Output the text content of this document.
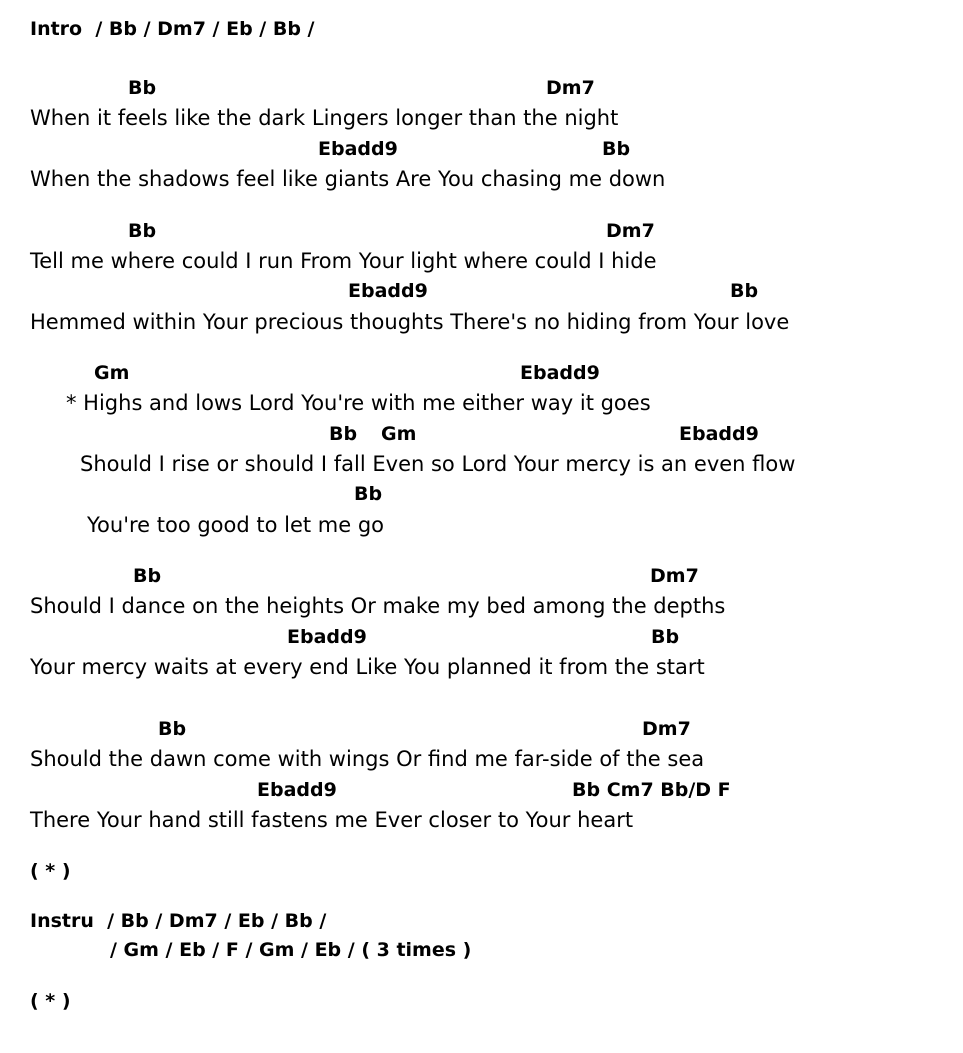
Intro  / Bb / Dm7 / Eb / Bb /
Bb	Dm7
When it feels like the dark Lingers longer than the night
Ebadd9	Bb
When the shadows feel like giants Are You chasing me down
Bb	Dm7
Tell me where could I run From Your light where could I hide
Ebadd9	Bb
Hemmed within Your precious thoughts There's no hiding from Your love
Gm	Ebadd9
* Highs and lows Lord You're with me either way it goes
Bb Gm	Ebadd9
Should I rise or should I fall Even so Lord Your mercy is an even flow
Bb
You're too good to let me go
Bb	Dm7
Should I dance on the heights Or make my bed among the depths
Ebadd9	Bb
Your mercy waits at every end Like You planned it from the start
Bb	Dm7
Should the dawn come with wings Or find me far-side of the sea
Ebadd9	Bb Cm7 Bb/D F
There Your hand still fastens me Ever closer to Your heart
( * )
Instru  / Bb / Dm7 / Eb / Bb /
/ Gm / Eb / F / Gm / Eb / ( 3 times )
( * )
